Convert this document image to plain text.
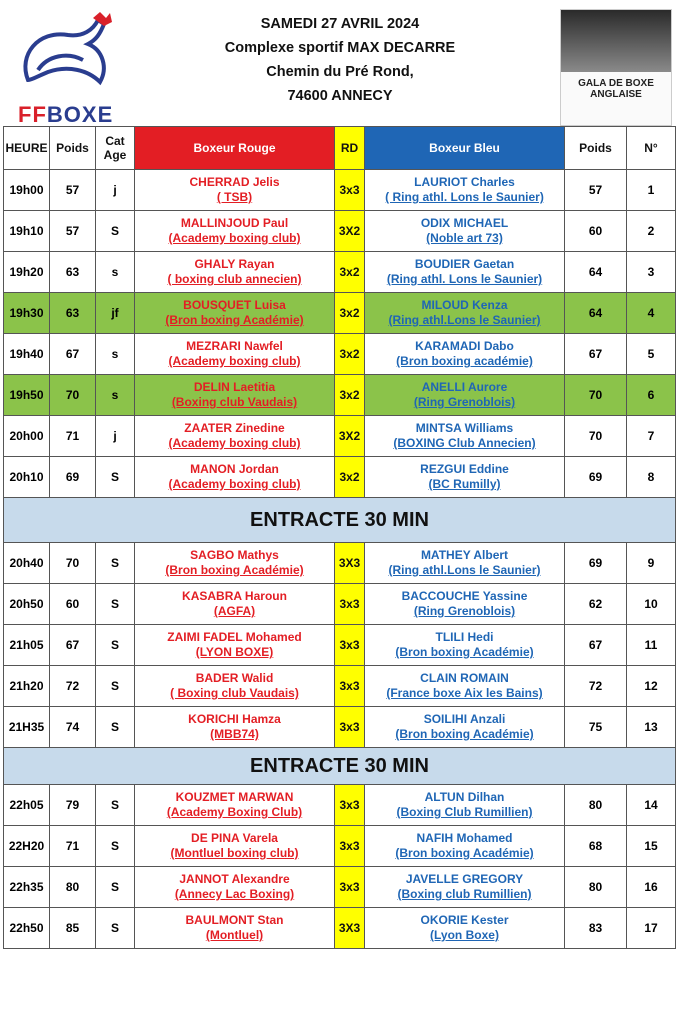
FFBOXE
SAMEDI 27 AVRIL 2024
Complexe sportif MAX DECARRE
Chemin du Pré Rond,
74600 ANNECY
GALA DE BOXE ANGLAISE
HEURE	Poids	Cat Age	Boxeur Rouge	RD	Boxeur Bleu	Poids	N°
19h00	57	j	CHERRAD Jelis
( TSB)	3x3	LAURIOT Charles
( Ring athl. Lons le Saunier)	57	1
19h10	57	S	MALLINJOUD Paul
(Academy boxing club)	3X2	ODIX MICHAEL
(Noble art 73)	60	2
19h20	63	s	GHALY Rayan
( boxing club annecien)	3x2	BOUDIER Gaetan
(Ring athl. Lons le Saunier)	64	3
19h30	63	jf	BOUSQUET Luisa
(Bron boxing Académie)	3x2	MILOUD Kenza
(Ring athl.Lons le Saunier)	64	4
19h40	67	s	MEZRARI Nawfel
(Academy boxing club)	3x2	KARAMADI Dabo
(Bron boxing académie)	67	5
19h50	70	s	DELIN Laetitia
(Boxing club Vaudais)	3x2	ANELLI Aurore
(Ring Grenoblois)	70	6
20h00	71	j	ZAATER Zinedine
(Academy boxing club)	3X2	MINTSA Williams
(BOXING Club Annecien)	70	7
20h10	69	S	MANON Jordan
(Academy boxing club)	3x2	REZGUI Eddine
(BC Rumilly)	69	8
ENTRACTE 30 MIN							
20h40	70	S	SAGBO Mathys
(Bron boxing Académie)	3X3	MATHEY Albert
(Ring athl.Lons le Saunier)	69	9
20h50	60	S	KASABRA Haroun
(AGFA)	3x3	BACCOUCHE Yassine
(Ring Grenoblois)	62	10
21h05	67	S	ZAIMI FADEL Mohamed
(LYON BOXE)	3x3	TLILI Hedi
(Bron boxing Académie)	67	11
21h20	72	S	BADER Walid
( Boxing club Vaudais)	3x3	CLAIN ROMAIN
(France boxe Aix les Bains)	72	12
21H35	74	S	KORICHI Hamza
(MBB74)	3x3	SOILIHI Anzali
(Bron boxing Académie)	75	13
ENTRACTE 30 MIN							
22h05	79	S	KOUZMET MARWAN
(Academy Boxing Club)	3x3	ALTUN Dilhan
(Boxing Club Rumillien)	80	14
22H20	71	S	DE PINA Varela
(Montluel boxing club)	3x3	NAFIH Mohamed
(Bron boxing Académie)	68	15
22h35	80	S	JANNOT Alexandre
(Annecy Lac Boxing)	3x3	JAVELLE GREGORY
(Boxing club Rumillien)	80	16
22h50	85	S	BAULMONT Stan
(Montluel)	3X3	OKORIE Kester
(Lyon Boxe)	83	17
